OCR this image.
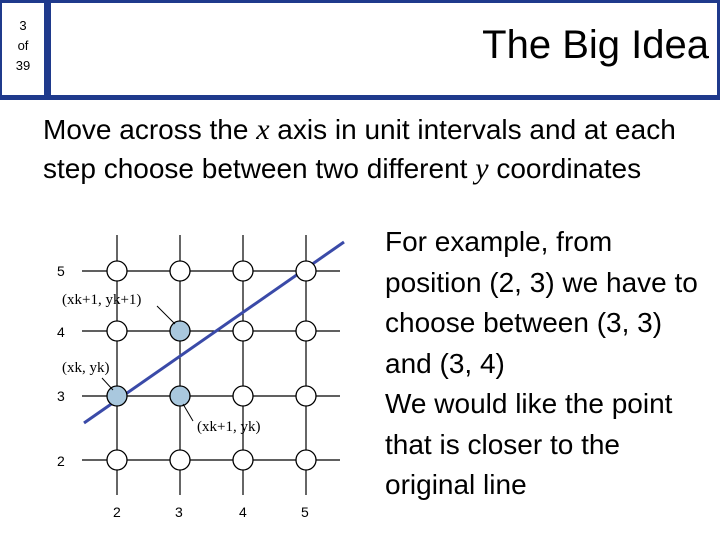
3
of
39	The Big Idea
Move across the x axis in unit intervals and at each step choose between two different y coordinates

For example, from position (2, 3) we have to choose between (3, 3) and (3, 4)

We would like the point that is closer to the original line

5
4
3
2
2	3	4	5
(xk+1, yk+1)
(xk, yk)
(xk+1, yk)
